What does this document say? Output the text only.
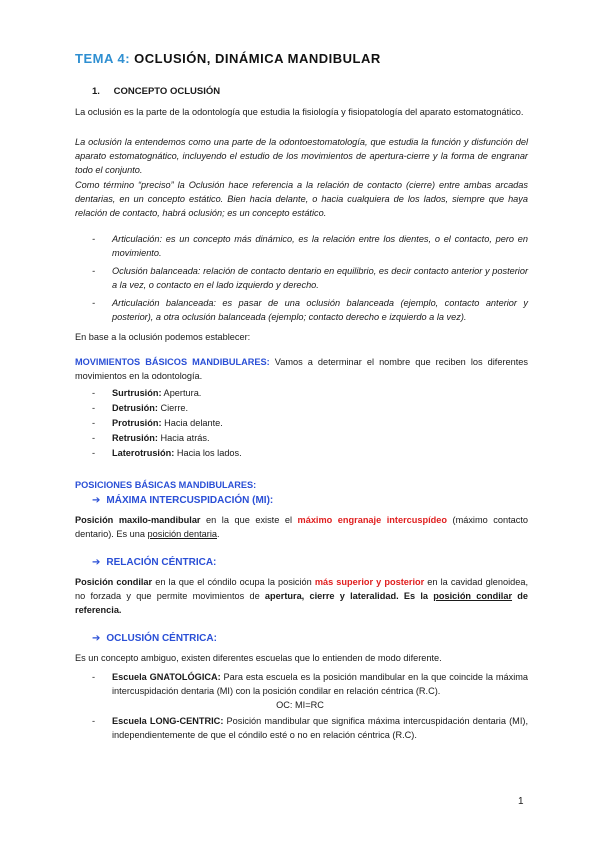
TEMA 4: OCLUSIÓN, DINÁMICA MANDIBULAR
1. CONCEPTO OCLUSIÓN
La oclusión es la parte de la odontología que estudia la fisiología y fisiopatología del aparato estomatognático.
La oclusión la entendemos como una parte de la odontoestomatología, que estudia la función y disfunción del aparato estomatognático, incluyendo el estudio de los movimientos de apertura-cierre y la forma de engranar todo el conjunto.
Como término “preciso” la Oclusión hace referencia a la relación de contacto (cierre) entre ambas arcadas dentarias, en un concepto estático. Bien hacia delante, o hacia cualquiera de los lados, siempre que haya relación de contacto, habrá oclusión; es un concepto estático.
- Articulación: es un concepto más dinámico, es la relación entre los dientes, o el contacto, pero en movimiento.
- Oclusión balanceada: relación de contacto dentario en equilibrio, es decir contacto anterior y posterior a la vez, o contacto en el lado izquierdo y derecho.
- Articulación balanceada: es pasar de una oclusión balanceada (ejemplo, contacto anterior y posterior), a otra oclusión balanceada (ejemplo; contacto derecho e izquierdo a la vez).
En base a la oclusión podemos establecer:
MOVIMIENTOS BÁSICOS MANDIBULARES: Vamos a determinar el nombre que reciben los diferentes movimientos en la odontología.
- Surtrusión: Apertura.
- Detrusión: Cierre.
- Protrusión: Hacia delante.
- Retrusión: Hacia atrás.
- Laterotrusión: Hacia los lados.
POSICIONES BÁSICAS MANDIBULARES:
➔ MÁXIMA INTERCUSPIDACIÓN (MI):
Posición maxilo-mandibular en la que existe el máximo engranaje intercuspídeo (máximo contacto dentario). Es una posición dentaria.
➔ RELACIÓN CÉNTRICA:
Posición condilar en la que el cóndilo ocupa la posición más superior y posterior en la cavidad glenoidea, no forzada y que permite movimientos de apertura, cierre y lateralidad. Es la posición condilar de referencia.
➔ OCLUSIÓN CÉNTRICA:
Es un concepto ambiguo, existen diferentes escuelas que lo entienden de modo diferente.
- Escuela GNATOLÓGICA: Para esta escuela es la posición mandibular en la que coincide la máxima intercuspidación dentaria (MI) con la posición condilar en relación céntrica (R.C).
OC: MI=RC
- Escuela LONG-CENTRIC: Posición mandibular que significa máxima intercuspidación dentaria (MI), independientemente de que el cóndilo esté o no en relación céntrica (R.C).
1
